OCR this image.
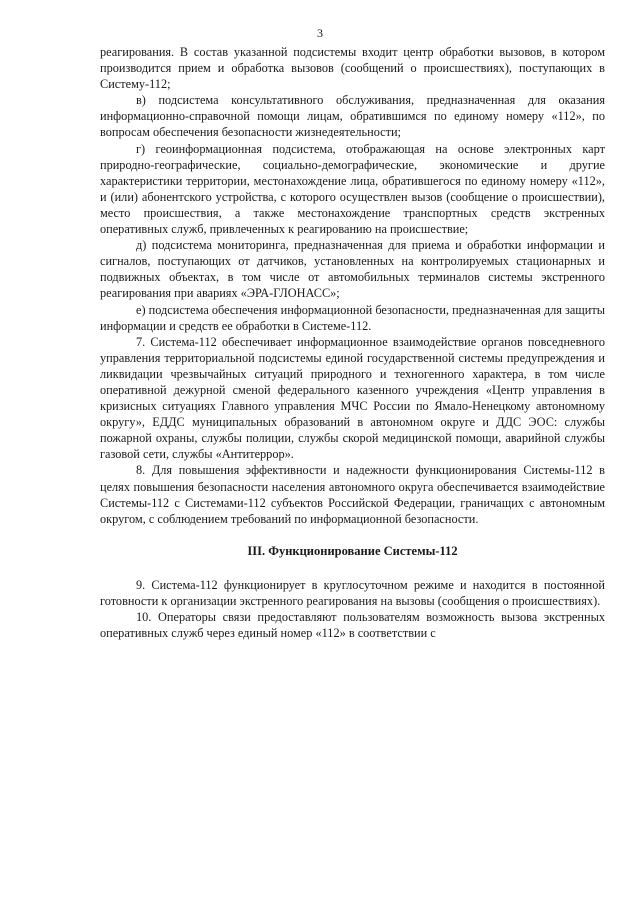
3

реагирования. В состав указанной подсистемы входит центр обработки вызовов, в котором производится прием и обработка вызовов (сообщений о происшествиях), поступающих в Систему-112;

в) подсистема консультативного обслуживания, предназначенная для оказания информационно-справочной помощи лицам, обратившимся по единому номеру «112», по вопросам обеспечения безопасности жизнедеятельности;

г) геоинформационная подсистема, отображающая на основе электронных карт природно-географические, социально-демографические, экономические и другие характеристики территории, местонахождение лица, обратившегося по единому номеру «112», и (или) абонентского устройства, с которого осуществлен вызов (сообщение о происшествии), место происшествия, а также местонахождение транспортных средств экстренных оперативных служб, привлеченных к реагированию на происшествие;

д) подсистема мониторинга, предназначенная для приема и обработки информации и сигналов, поступающих от датчиков, установленных на контролируемых стационарных и подвижных объектах, в том числе от автомобильных терминалов системы экстренного реагирования при авариях «ЭРА-ГЛОНАСС»;

е) подсистема обеспечения информационной безопасности, предназначенная для защиты информации и средств ее обработки в Системе-112.

7. Система-112 обеспечивает информационное взаимодействие органов повседневного управления территориальной подсистемы единой государственной системы предупреждения и ликвидации чрезвычайных ситуаций природного и техногенного характера, в том числе оперативной дежурной сменой федерального казенного учреждения «Центр управления в кризисных ситуациях Главного управления МЧС России по Ямало-Ненецкому автономному округу», ЕДДС муниципальных образований в автономном округе и ДДС ЭОС: службы пожарной охраны, службы полиции, службы скорой медицинской помощи, аварийной службы газовой сети, службы «Антитеррор».

8. Для повышения эффективности и надежности функционирования Системы-112 в целях повышения безопасности населения автономного округа обеспечивается взаимодействие Системы-112 с Системами-112 субъектов Российской Федерации, граничащих с автономным округом, с соблюдением требований по информационной безопасности.

III. Функционирование Системы-112

9. Система-112 функционирует в круглосуточном режиме и находится в постоянной готовности к организации экстренного реагирования на вызовы (сообщения о происшествиях).

10. Операторы связи предоставляют пользователям возможность вызова экстренных оперативных служб через единый номер «112» в соответствии с
